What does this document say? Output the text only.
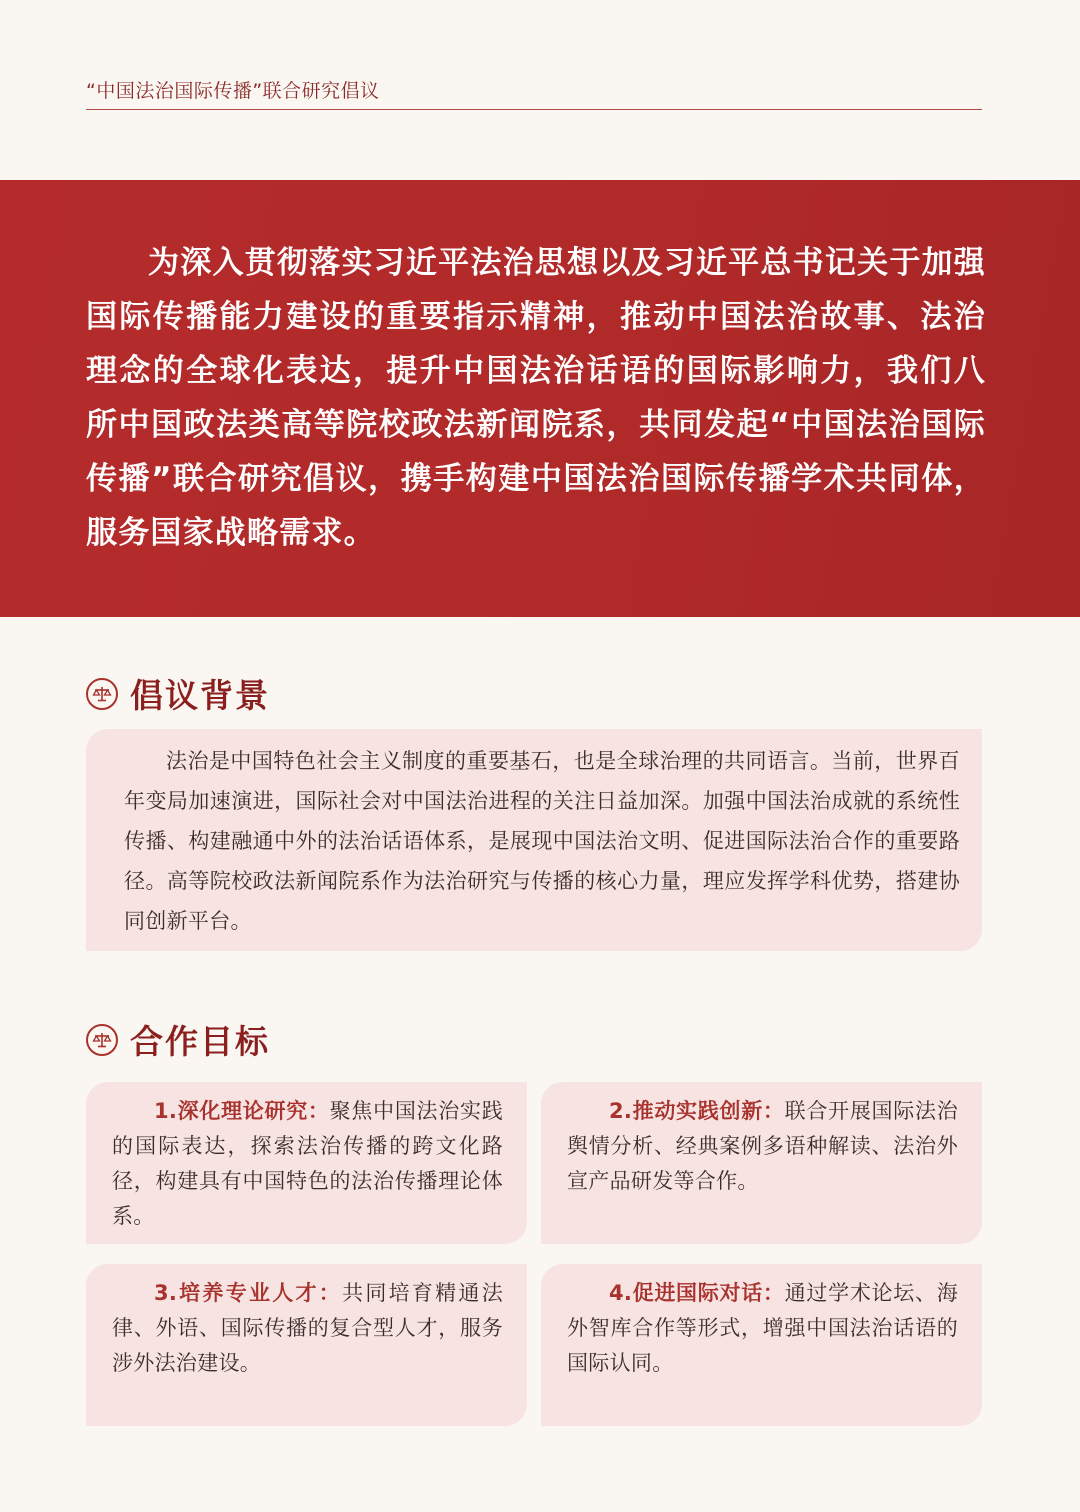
“中国法治国际传播”联合研究倡议

为深入贯彻落实习近平法治思想以及习近平总书记关于加强国际传播能力建设的重要指示精神，推动中国法治故事、法治理念的全球化表达，提升中国法治话语的国际影响力，我们八所中国政法类高等院校政法新闻院系，共同发起“中国法治国际传播”联合研究倡议，携手构建中国法治国际传播学术共同体，服务国家战略需求。

倡议背景

法治是中国特色社会主义制度的重要基石，也是全球治理的共同语言。当前，世界百年变局加速演进，国际社会对中国法治进程的关注日益加深。加强中国法治成就的系统性传播、构建融通中外的法治话语体系，是展现中国法治文明、促进国际法治合作的重要路径。高等院校政法新闻院系作为法治研究与传播的核心力量，理应发挥学科优势，搭建协同创新平台。

合作目标

1.深化理论研究：聚焦中国法治实践的国际表达，探索法治传播的跨文化路径，构建具有中国特色的法治传播理论体系。

2.推动实践创新：联合开展国际法治舆情分析、经典案例多语种解读、法治外宣产品研发等合作。

3.培养专业人才：共同培育精通法律、外语、国际传播的复合型人才，服务涉外法治建设。

4.促进国际对话：通过学术论坛、海外智库合作等形式，增强中国法治话语的国际认同。
